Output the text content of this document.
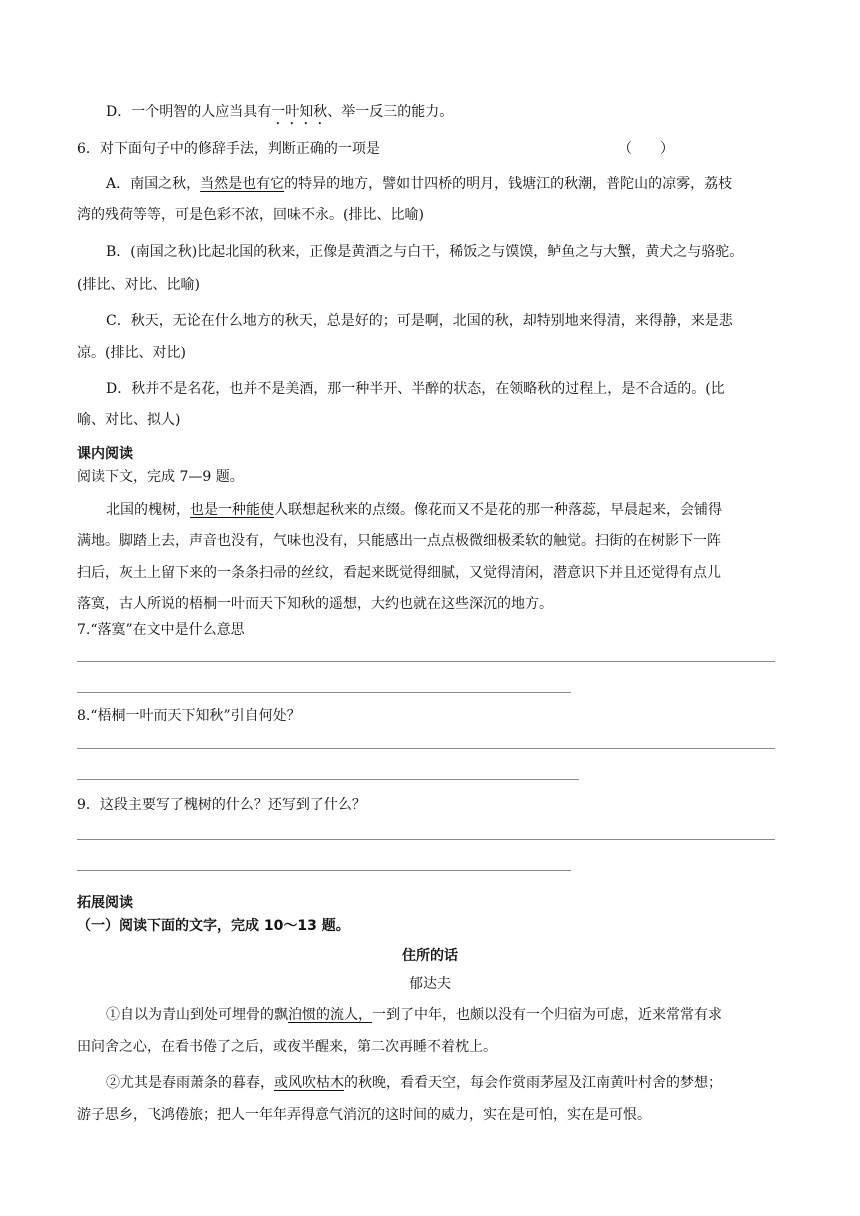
D．一个明智的人应当具有一叶知秋、举一反三的能力。
6．对下面句子中的修辞手法，判断正确的一项是	（　　）
A．南国之秋，当然是也有它的特异的地方，譬如廿四桥的明月，钱塘江的秋潮，普陀山的凉雾，荔枝
湾的残荷等等，可是色彩不浓，回味不永。(排比、比喻)
B．(南国之秋)比起北国的秋来，正像是黄酒之与白干，稀饭之与馍馍，鲈鱼之与大蟹，黄犬之与骆驼。
(排比、对比、比喻)
C．秋天，无论在什么地方的秋天，总是好的；可是啊，北国的秋，却特别地来得清，来得静，来是悲
凉。(排比、对比)
D．秋并不是名花，也并不是美酒，那一种半开、半醉的状态，在领略秋的过程上，是不合适的。(比
喻、对比、拟人)
课内阅读
阅读下文，完成 7—9 题。
北国的槐树，也是一种能使人联想起秋来的点缀。像花而又不是花的那一种落蕊，早晨起来，会铺得
满地。脚踏上去，声音也没有，气味也没有，只能感出一点点极微细极柔软的触觉。扫街的在树影下一阵
扫后，灰土上留下来的一条条扫帚的丝纹，看起来既觉得细腻，又觉得清闲，潜意识下并且还觉得有点儿
落寞，古人所说的梧桐一叶而天下知秋的遥想，大约也就在这些深沉的地方。
7.“落寞”在文中是什么意思
8.“梧桐一叶而天下知秋”引自何处？
9．这段主要写了槐树的什么？还写到了什么？
拓展阅读
（一）阅读下面的文字，完成 10～13 题。
住所的话
郁达夫
①自以为青山到处可埋骨的飘泊惯的流人，一到了中年，也颇以没有一个归宿为可虑，近来常常有求
田问舍之心，在看书倦了之后，或夜半醒来，第二次再睡不着枕上。
②尤其是春雨萧条的暮春，或风吹枯木的秋晚，看看天空，每会作赏雨茅屋及江南黄叶村舍的梦想；
游子思乡，飞鸿倦旅；把人一年年弄得意气消沉的这时间的威力，实在是可怕，实在是可恨。
